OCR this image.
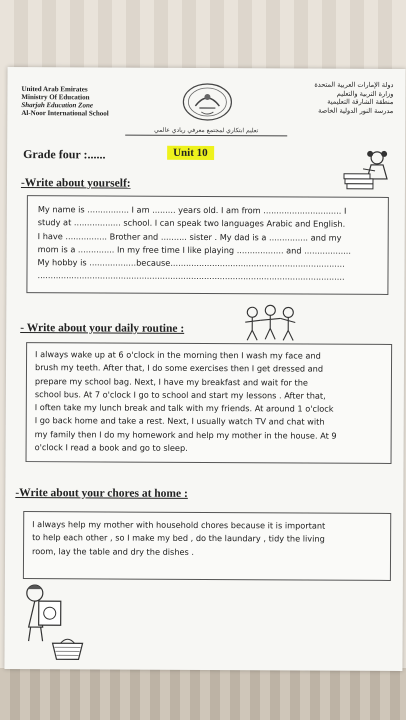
United Arab Emirates
Ministry Of Education
Sharjah Education Zone
Al-Noor International School
دولة الإمارات العربية المتحدة
وزارة التربية والتعليم
منطقة الشارقة التعليمية
مدرسة النور الدولية الخاصة
تعليم ابتكاري لمجتمع معرفي ريادي عالمي
Grade four :......	Unit 10
-Write about yourself:
My name is ................ I am ......... years old. I am from .............................. I
study at .................. school. I can speak two languages Arabic and English.
I have ................ Brother and .......... sister . My dad is a ............... and my
mom is a .............. In my free time I like playing .................. and ..................
My hobby is ..................because...................................................................
......................................................................................................................
- Write about your daily routine :
I always wake up at 6 o'clock in the morning then I wash my face and
brush my teeth. After that, I do some exercises then I get dressed and
prepare my school bag. Next, I have my breakfast and wait for the
school bus. At 7 o'clock I go to school and start my lessons . After that,
I often take my lunch break and talk with my friends. At around 1 o'clock
I go back home and take a rest. Next, I usually watch TV and chat with
my family then I do my homework and help my mother in the house. At 9
o'clock I read a book and go to sleep.
-Write about your chores at home :
I always help my mother with household chores because it is important
to help each other , so I make my bed , do the laundary , tidy the living
room, lay the table and dry the dishes .
